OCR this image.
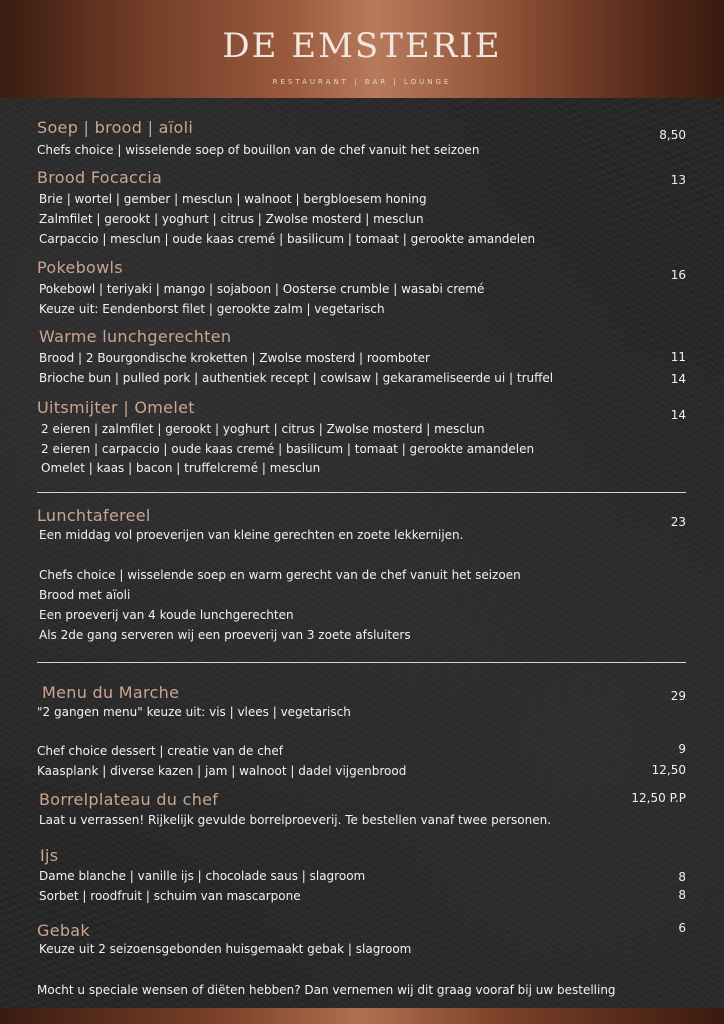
DE EMSTERIE
RESTAURANT | BAR | LOUNGE
Soep | brood | aïoli	8,50
Chefs choice | wisselende soep of bouillon van de chef vanuit het seizoen
Brood Focaccia	13
Brie | wortel | gember | mesclun | walnoot | bergbloesem honing
Zalmfilet | gerookt | yoghurt | citrus | Zwolse mosterd | mesclun
Carpaccio | mesclun | oude kaas cremé | basilicum | tomaat | gerookte amandelen
Pokebowls	16
Pokebowl | teriyaki | mango | sojaboon | Oosterse crumble | wasabi cremé
Keuze uit: Eendenborst filet | gerookte zalm | vegetarisch
Warme lunchgerechten
Brood | 2 Bourgondische kroketten | Zwolse mosterd | roomboter	11
Brioche bun | pulled pork | authentiek recept | cowlsaw | gekarameliseerde ui | truffel	14
Uitsmijter | Omelet	14
2 eieren | zalmfilet | gerookt | yoghurt | citrus | Zwolse mosterd | mesclun
2 eieren | carpaccio | oude kaas cremé | basilicum | tomaat | gerookte amandelen
Omelet | kaas | bacon | truffelcremé | mesclun
Lunchtafereel	23
Een middag vol proeverijen van kleine gerechten en zoete lekkernijen.
Chefs choice | wisselende soep en warm gerecht van de chef vanuit het seizoen
Brood met aïoli
Een proeverij van 4 koude lunchgerechten
Als 2de gang serveren wij een proeverij van 3 zoete afsluiters
Menu du Marche	29
"2 gangen menu" keuze uit: vis | vlees | vegetarisch
Chef choice dessert | creatie van de chef	9
Kaasplank | diverse kazen | jam | walnoot | dadel vijgenbrood	12,50
Borrelplateau du chef	12,50 P.P
Laat u verrassen! Rijkelijk gevulde borrelproeverij. Te bestellen vanaf twee personen.
Ijs
Dame blanche | vanille ijs | chocolade saus | slagroom	8
Sorbet | roodfruit | schuim van mascarpone	8
Gebak	6
Keuze uit 2 seizoensgebonden huisgemaakt gebak | slagroom
Mocht u speciale wensen of diëten hebben? Dan vernemen wij dit graag vooraf bij uw bestelling
